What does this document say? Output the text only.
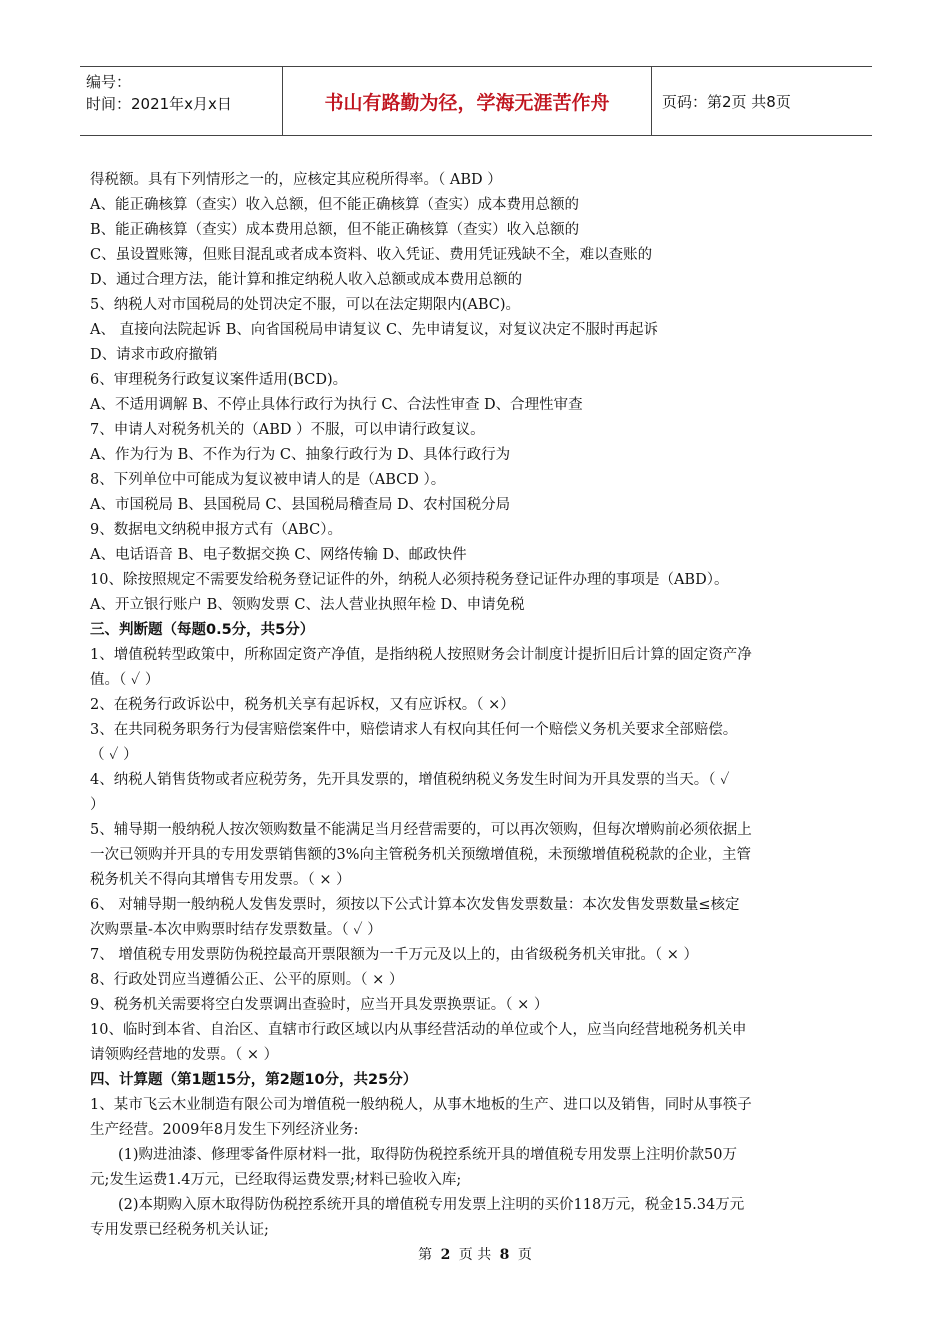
编号：
时间：2021年x月x日	书山有路勤为径，学海无涯苦作舟	页码：第2页 共8页
得税额。具有下列情形之一的，应核定其应税所得率。（ ABD ）
A、能正确核算（查实）收入总额，但不能正确核算（查实）成本费用总额的
B、能正确核算（查实）成本费用总额，但不能正确核算（查实）收入总额的
C、虽设置账簿，但账目混乱或者成本资料、收入凭证、费用凭证残缺不全，难以查账的
D、通过合理方法，能计算和推定纳税人收入总额或成本费用总额的
5、纳税人对市国税局的处罚决定不服，可以在法定期限内(ABC)。
A、 直接向法院起诉 B、向省国税局申请复议 C、先申请复议，对复议决定不服时再起诉
D、请求市政府撤销
6、审理税务行政复议案件适用(BCD)。
A、不适用调解 B、不停止具体行政行为执行 C、合法性审查 D、合理性审查
7、申请人对税务机关的（ABD ）不服，可以申请行政复议。
A、作为行为 B、不作为行为 C、抽象行政行为 D、具体行政行为
8、下列单位中可能成为复议被申请人的是（ABCD ）。
A、市国税局 B、县国税局 C、县国税局稽查局 D、农村国税分局
9、数据电文纳税申报方式有（ABC）。
A、电话语音 B、电子数据交换 C、网络传输 D、邮政快件
10、除按照规定不需要发给税务登记证件的外，纳税人必须持税务登记证件办理的事项是（ABD）。
A、开立银行账户 B、领购发票 C、法人营业执照年检 D、申请免税
三、判断题（每题0.5分，共5分）
1、增值税转型政策中，所称固定资产净值，是指纳税人按照财务会计制度计提折旧后计算的固定资产净
值。（ ✓ ）
2、在税务行政诉讼中，税务机关享有起诉权，又有应诉权。（ ×）
3、在共同税务职务行为侵害赔偿案件中，赔偿请求人有权向其任何一个赔偿义务机关要求全部赔偿。
（ ✓ ）
4、纳税人销售货物或者应税劳务，先开具发票的，增值税纳税义务发生时间为开具发票的当天。（ ✓
）
5、辅导期一般纳税人按次领购数量不能满足当月经营需要的，可以再次领购，但每次增购前必须依据上
一次已领购并开具的专用发票销售额的3%向主管税务机关预缴增值税，未预缴增值税税款的企业，主管
税务机关不得向其增售专用发票。（ × ）
6、 对辅导期一般纳税人发售发票时，须按以下公式计算本次发售发票数量：本次发售发票数量≤核定
次购票量-本次申购票时结存发票数量。（ ✓ ）
7、 增值税专用发票防伪税控最高开票限额为一千万元及以上的，由省级税务机关审批。（ × ）
8、行政处罚应当遵循公正、公平的原则。（ × ）
9、税务机关需要将空白发票调出查验时，应当开具发票换票证。（ × ）
10、临时到本省、自治区、直辖市行政区域以内从事经营活动的单位或个人，应当向经营地税务机关申
请领购经营地的发票。（ × ）
四、计算题（第1题15分，第2题10分，共25分）
1、某市飞云木业制造有限公司为增值税一般纳税人，从事木地板的生产、进口以及销售，同时从事筷子
生产经营。2009年8月发生下列经济业务:
(1)购进油漆、修理零备件原材料一批，取得防伪税控系统开具的增值税专用发票上注明价款50万
元;发生运费1.4万元，已经取得运费发票;材料已验收入库;
(2)本期购入原木取得防伪税控系统开具的增值税专用发票上注明的买价118万元，税金15.34万元
专用发票已经税务机关认证;
第 2 页 共 8 页
